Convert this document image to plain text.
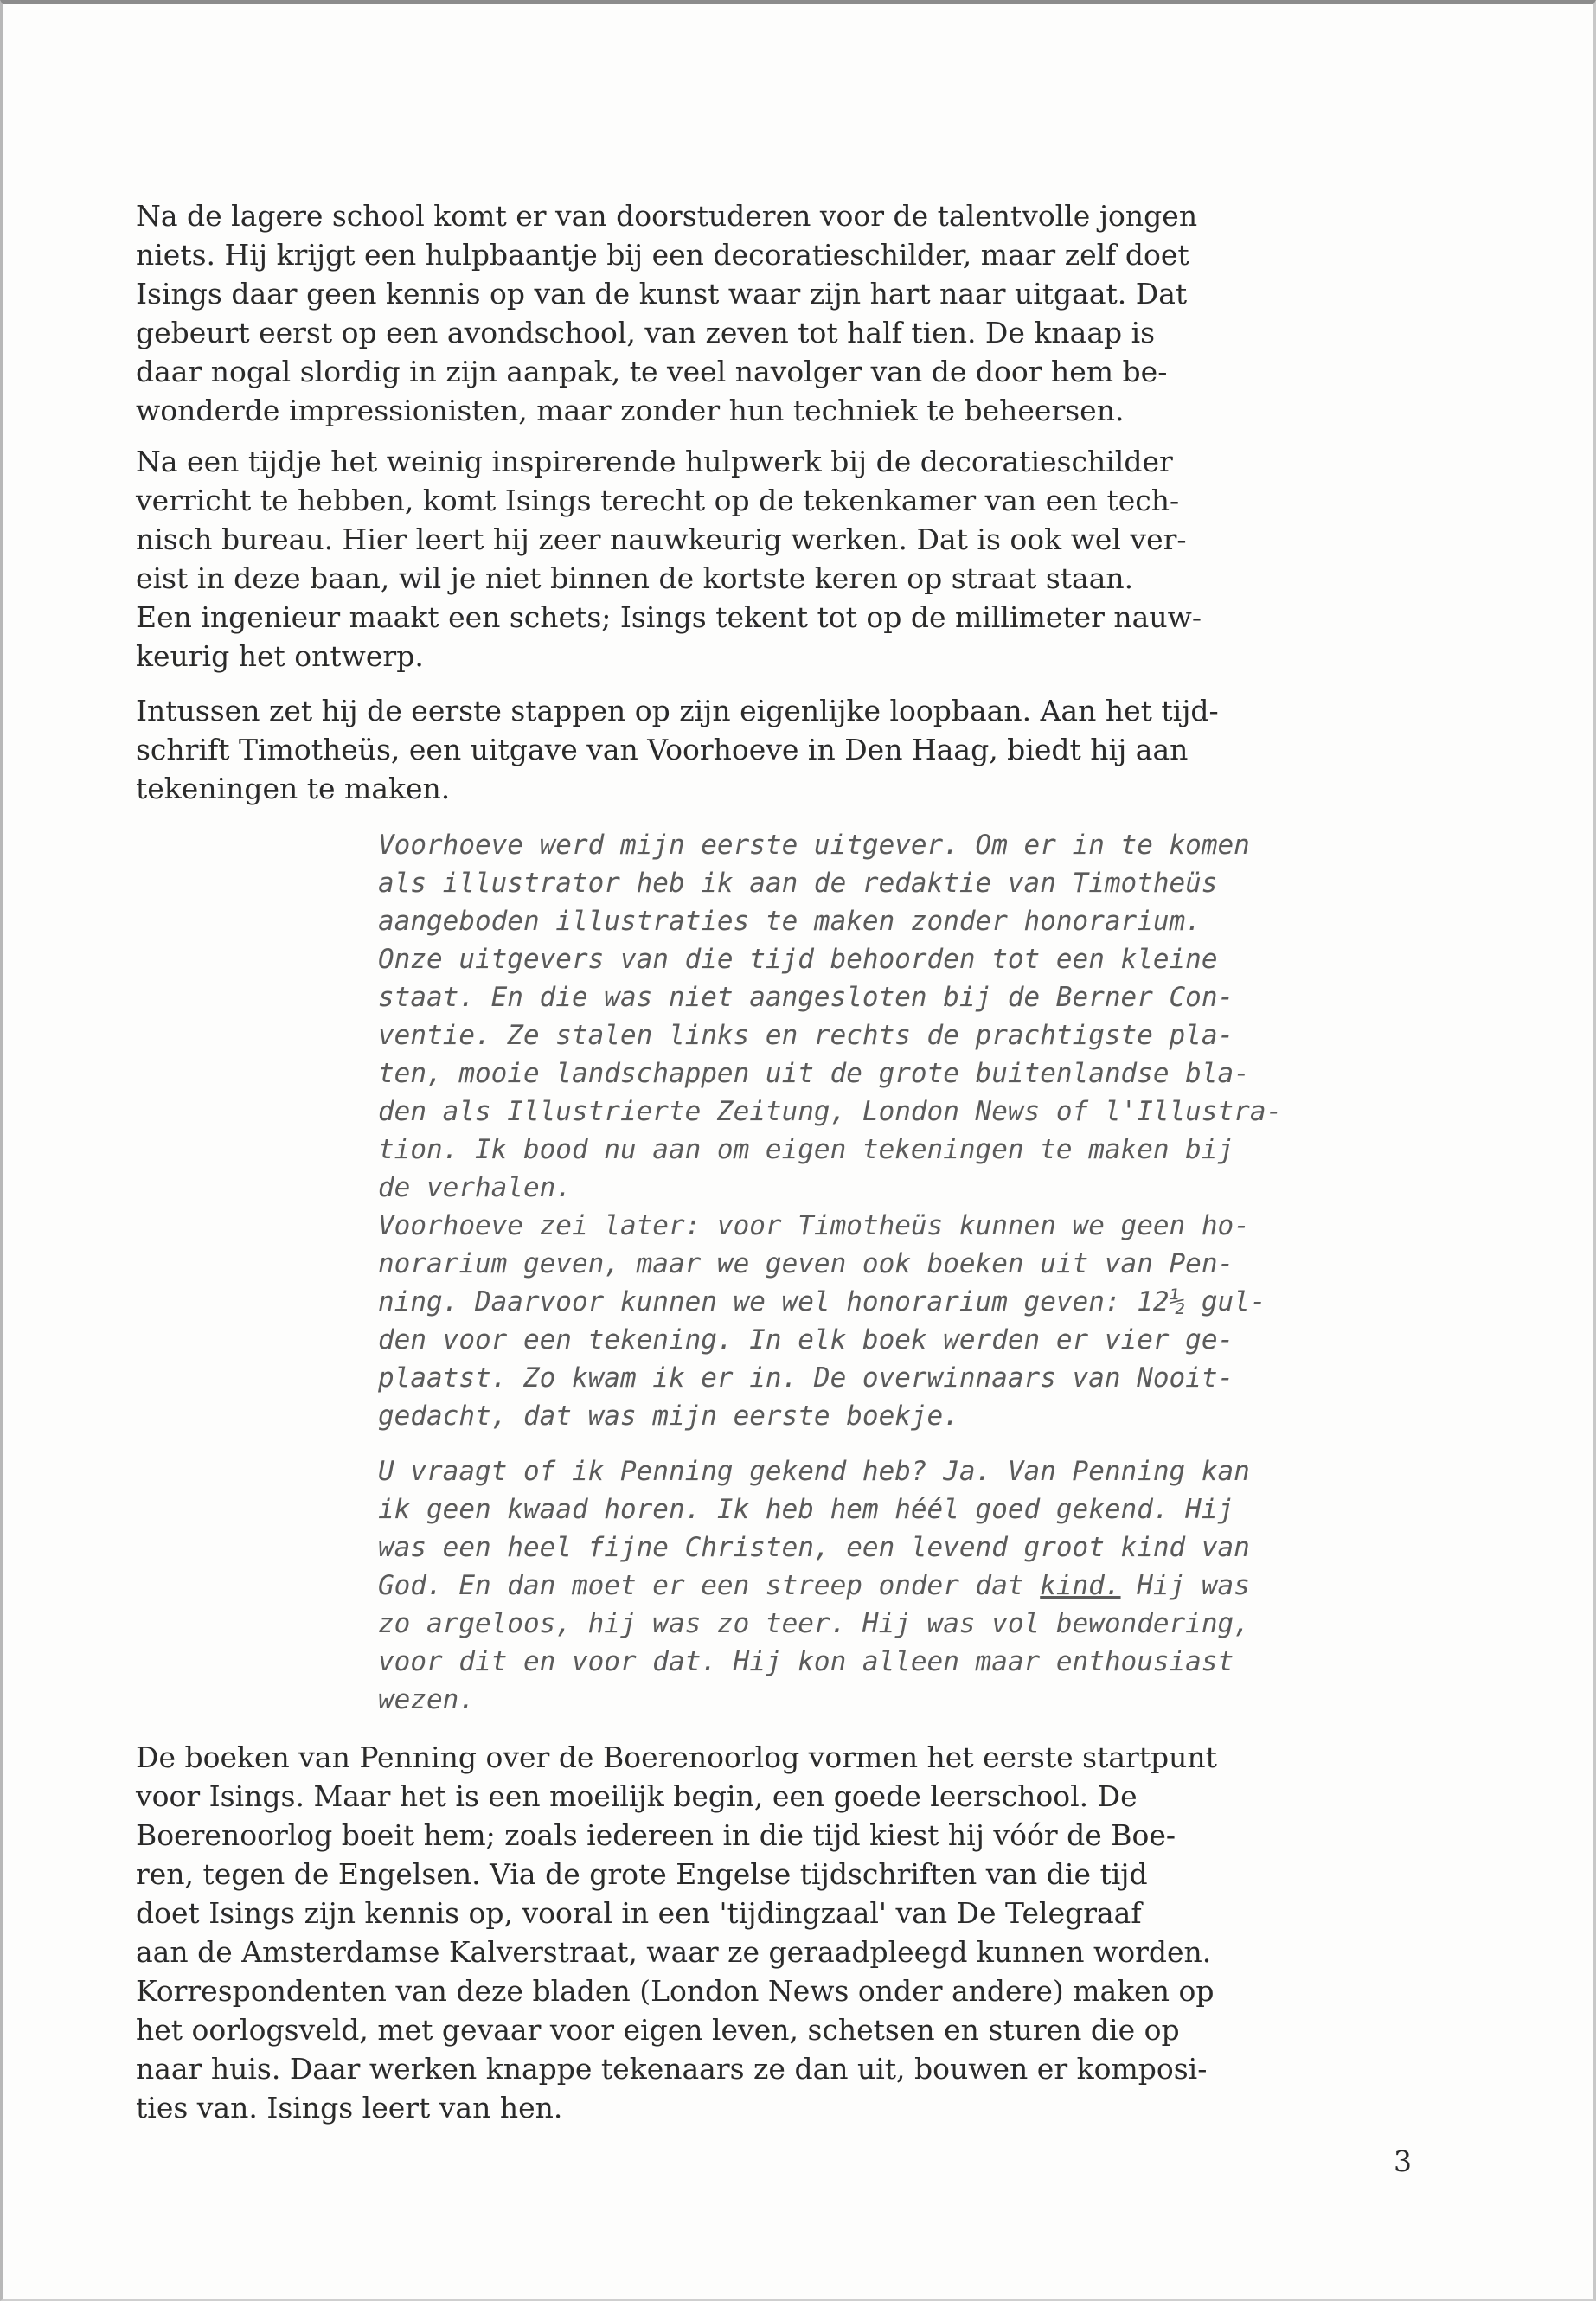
Na de lagere school komt er van doorstuderen voor de talentvolle jongen
niets. Hij krijgt een hulpbaantje bij een decoratieschilder, maar zelf doet
Isings daar geen kennis op van de kunst waar zijn hart naar uitgaat. Dat
gebeurt eerst op een avondschool, van zeven tot half tien. De knaap is
daar nogal slordig in zijn aanpak, te veel navolger van de door hem be-
wonderde impressionisten, maar zonder hun techniek te beheersen.
Na een tijdje het weinig inspirerende hulpwerk bij de decoratieschilder
verricht te hebben, komt Isings terecht op de tekenkamer van een tech-
nisch bureau. Hier leert hij zeer nauwkeurig werken. Dat is ook wel ver-
eist in deze baan, wil je niet binnen de kortste keren op straat staan.
Een ingenieur maakt een schets; Isings tekent tot op de millimeter nauw-
keurig het ontwerp.
Intussen zet hij de eerste stappen op zijn eigenlijke loopbaan. Aan het tijd-
schrift Timotheüs, een uitgave van Voorhoeve in Den Haag, biedt hij aan
tekeningen te maken.
Voorhoeve werd mijn eerste uitgever. Om er in te komen
als illustrator heb ik aan de redaktie van Timotheüs
aangeboden illustraties te maken zonder honorarium.
Onze uitgevers van die tijd behoorden tot een kleine
staat. En die was niet aangesloten bij de Berner Con-
ventie. Ze stalen links en rechts de prachtigste pla-
ten, mooie landschappen uit de grote buitenlandse bla-
den als Illustrierte Zeitung, London News of l'Illustra-
tion. Ik bood nu aan om eigen tekeningen te maken bij
de verhalen.
Voorhoeve zei later: voor Timotheüs kunnen we geen ho-
norarium geven, maar we geven ook boeken uit van Pen-
ning. Daarvoor kunnen we wel honorarium geven: 12½ gul-
den voor een tekening. In elk boek werden er vier ge-
plaatst. Zo kwam ik er in. De overwinnaars van Nooit-
gedacht, dat was mijn eerste boekje.
U vraagt of ik Penning gekend heb? Ja. Van Penning kan
ik geen kwaad horen. Ik heb hem héél goed gekend. Hij
was een heel fijne Christen, een levend groot kind van
God. En dan moet er een streep onder dat kind. Hij was
zo argeloos, hij was zo teer. Hij was vol bewondering,
voor dit en voor dat. Hij kon alleen maar enthousiast
wezen.
De boeken van Penning over de Boerenoorlog vormen het eerste startpunt
voor Isings. Maar het is een moeilijk begin, een goede leerschool. De
Boerenoorlog boeit hem; zoals iedereen in die tijd kiest hij vóór de Boe-
ren, tegen de Engelsen. Via de grote Engelse tijdschriften van die tijd
doet Isings zijn kennis op, vooral in een 'tijdingzaal' van De Telegraaf
aan de Amsterdamse Kalverstraat, waar ze geraadpleegd kunnen worden.
Korrespondenten van deze bladen (London News onder andere) maken op
het oorlogsveld, met gevaar voor eigen leven, schetsen en sturen die op
naar huis. Daar werken knappe tekenaars ze dan uit, bouwen er komposi-
ties van. Isings leert van hen.
3
